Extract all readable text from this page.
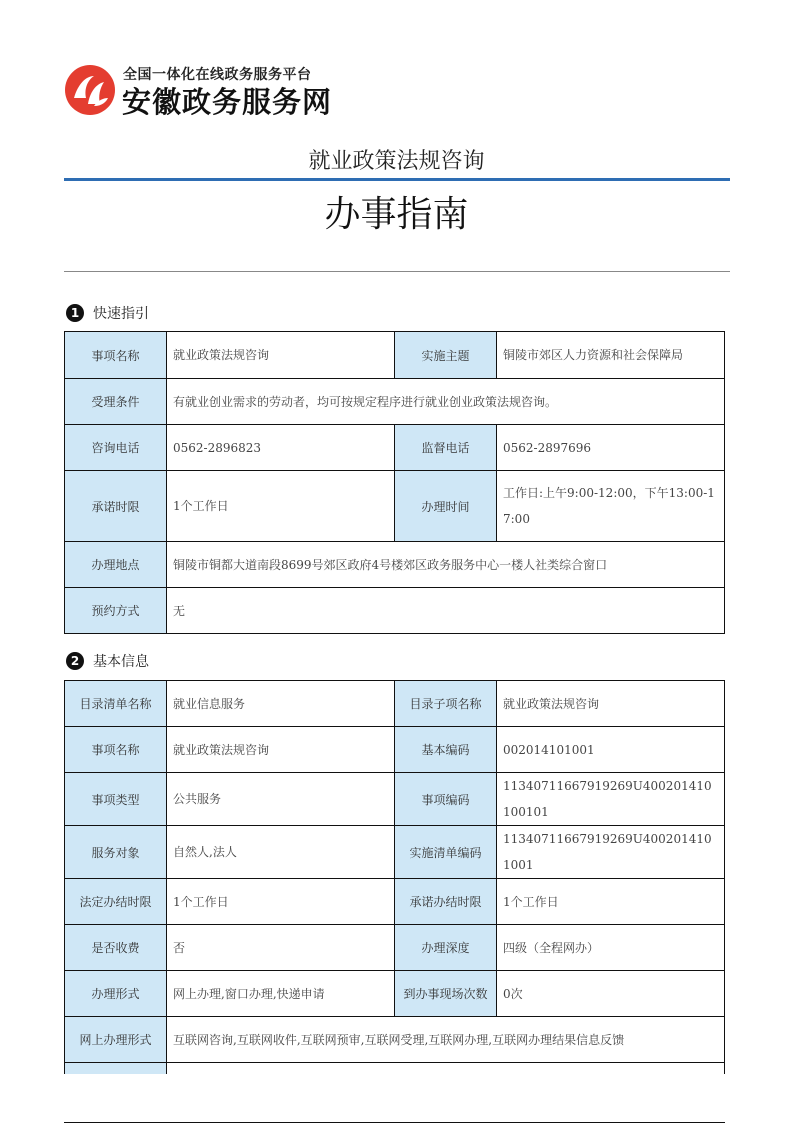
全国一体化在线政务服务平台
安徽政务服务网
就业政策法规咨询
办事指南
1 快速指引
事项名称	就业政策法规咨询	实施主题	铜陵市郊区人力资源和社会保障局
受理条件	有就业创业需求的劳动者，均可按规定程序进行就业创业政策法规咨询。		
咨询电话	0562-2896823	监督电话	0562-2897696
承诺时限	1个工作日	办理时间	工作日:上午9:00-12:00，下午13:00-17:00
办理地点	铜陵市铜都大道南段8699号郊区政府4号楼郊区政务服务中心一楼人社类综合窗口		
预约方式	无		
2 基本信息
目录清单名称	就业信息服务	目录子项名称	就业政策法规咨询
事项名称	就业政策法规咨询	基本编码	002014101001
事项类型	公共服务	事项编码	11340711667919269U400201410100101
服务对象	自然人,法人	实施清单编码	11340711667919269U4002014101001
法定办结时限	1个工作日	承诺办结时限	1个工作日
是否收费	否	办理深度	四级（全程网办）
办理形式	网上办理,窗口办理,快递申请	到办事现场次数	0次
网上办理形式	互联网咨询,互联网收件,互联网预审,互联网受理,互联网办理,互联网办理结果信息反馈		
